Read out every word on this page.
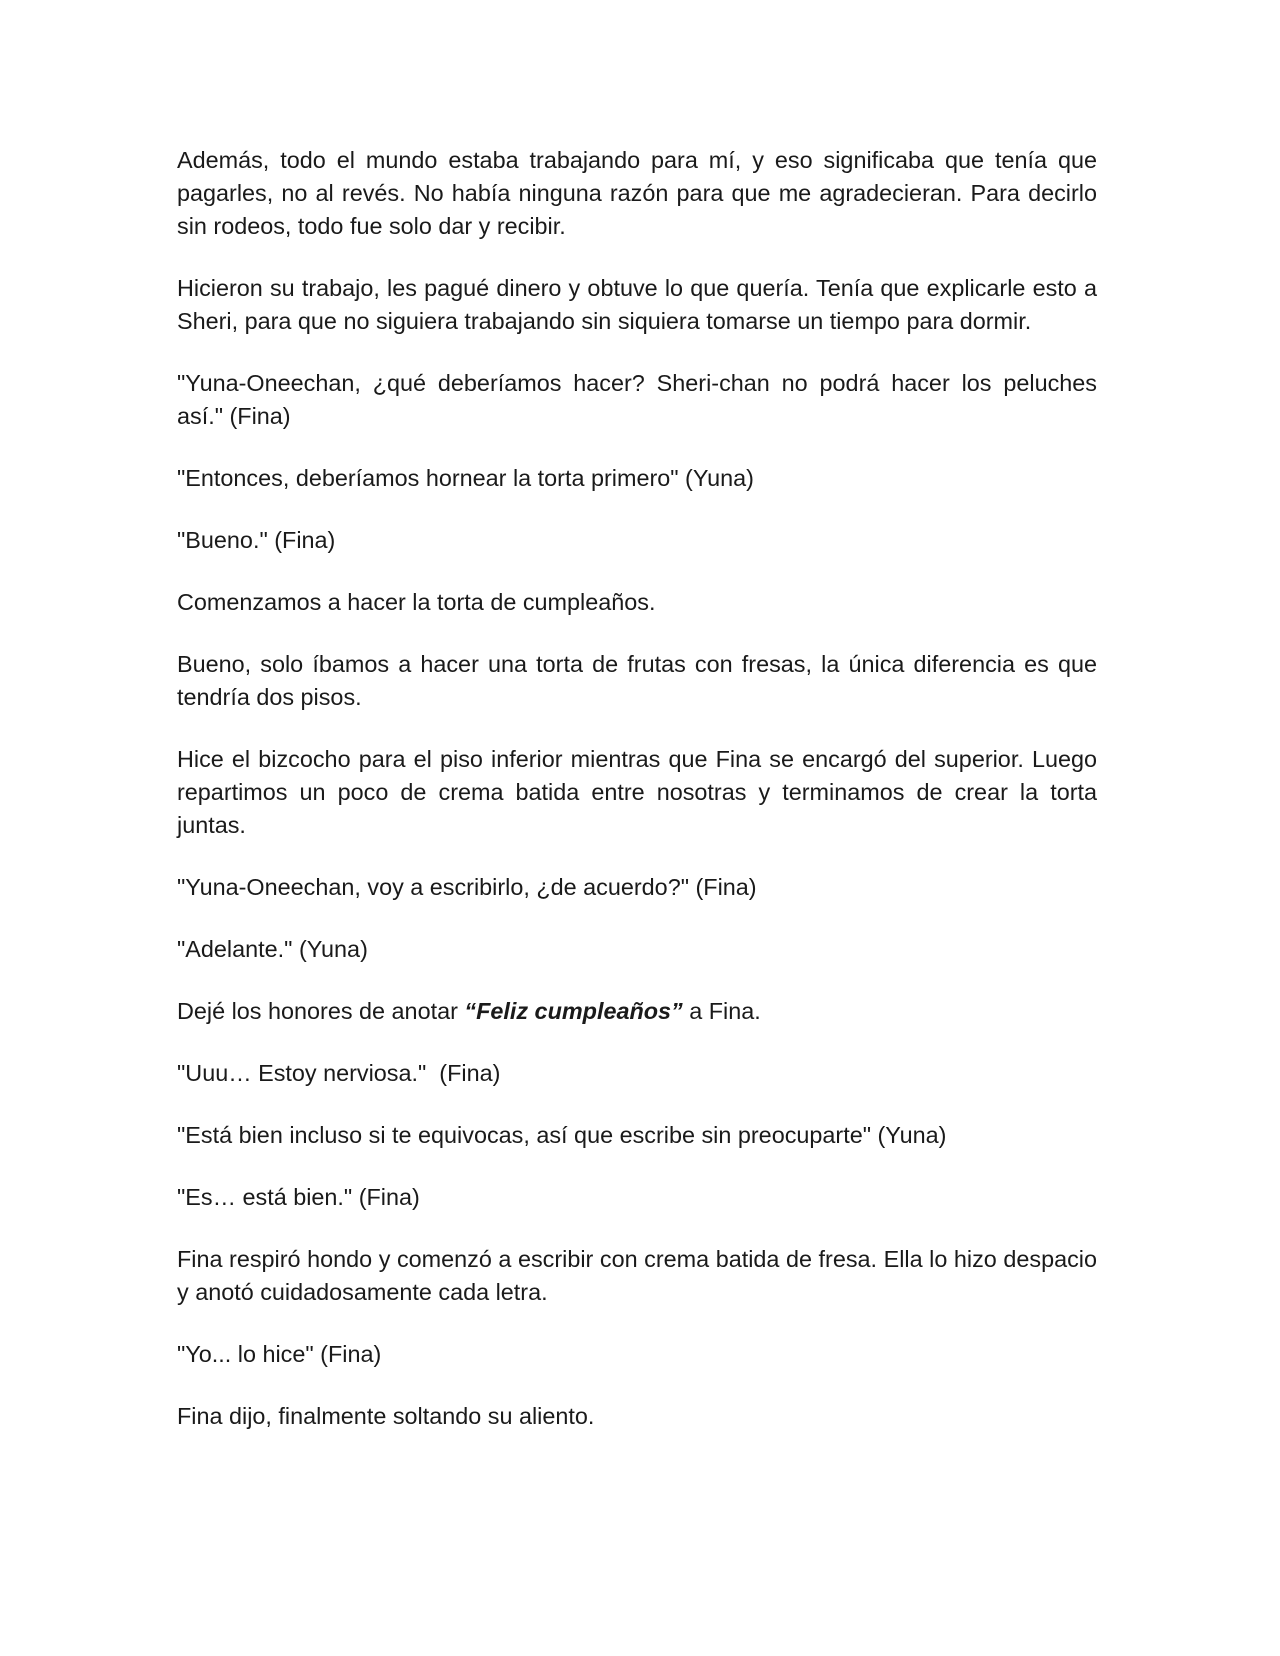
Además, todo el mundo estaba trabajando para mí, y eso significaba que tenía que pagarles, no al revés. No había ninguna razón para que me agradecieran. Para decirlo sin rodeos, todo fue solo dar y recibir.

Hicieron su trabajo, les pagué dinero y obtuve lo que quería. Tenía que explicarle esto a Sheri, para que no siguiera trabajando sin siquiera tomarse un tiempo para dormir.

"Yuna-Oneechan, ¿qué deberíamos hacer? Sheri-chan no podrá hacer los peluches así." (Fina)

"Entonces, deberíamos hornear la torta primero" (Yuna)

"Bueno." (Fina)

Comenzamos a hacer la torta de cumpleaños.

Bueno, solo íbamos a hacer una torta de frutas con fresas, la única diferencia es que tendría dos pisos.

Hice el bizcocho para el piso inferior mientras que Fina se encargó del superior. Luego repartimos un poco de crema batida entre nosotras y terminamos de crear la torta juntas.

"Yuna-Oneechan, voy a escribirlo, ¿de acuerdo?" (Fina)

"Adelante." (Yuna)

Dejé los honores de anotar “Feliz cumpleaños” a Fina.

"Uuu… Estoy nerviosa."  (Fina)

"Está bien incluso si te equivocas, así que escribe sin preocuparte" (Yuna)

"Es… está bien." (Fina)

Fina respiró hondo y comenzó a escribir con crema batida de fresa. Ella lo hizo despacio y anotó cuidadosamente cada letra.

"Yo... lo hice" (Fina)

Fina dijo, finalmente soltando su aliento.
